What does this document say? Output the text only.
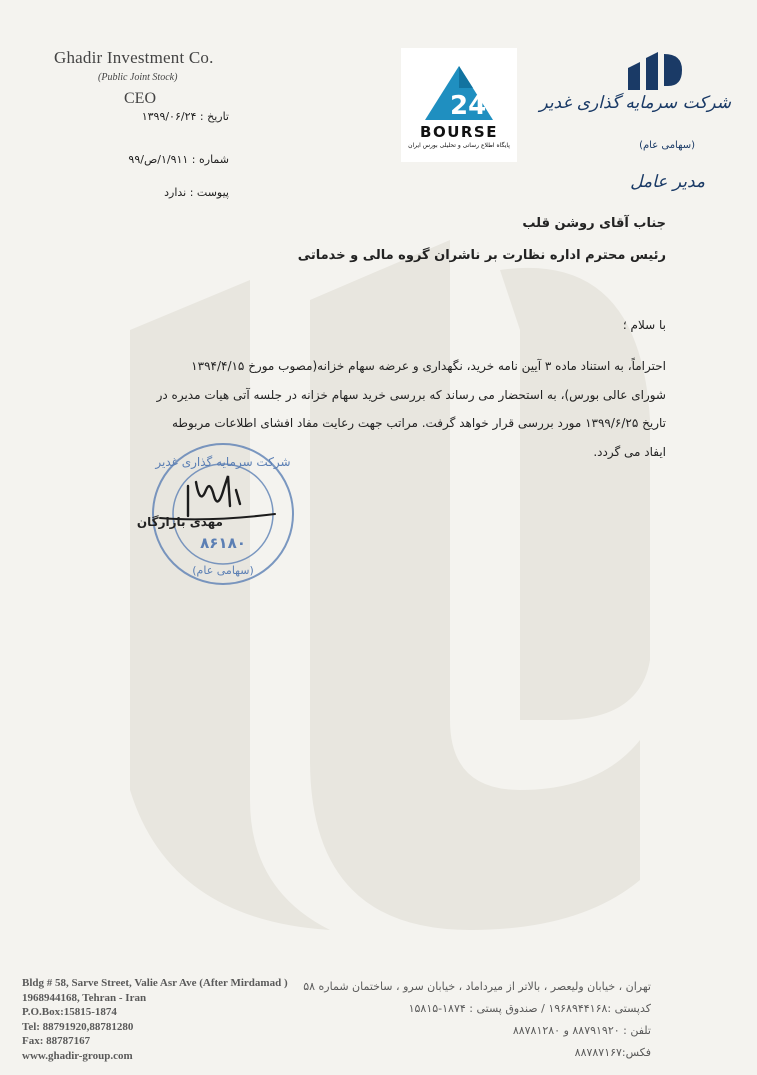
Ghadir Investment Co.
(Public Joint Stock)
CEO
تاریخ : ۱۳۹۹/۰۶/۲۴
شماره : ۱/۹۱۱/ص/۹۹
پیوست : ندارد
24
BOURSE
پایگاه اطلاع رسانی و تحلیلی بورس ایران
شرکت سرمایه گذاری غدیر
(سهامی عام)
مدیر عامل
جناب آقای روشن قلب
رئیس محترم اداره نظارت بر ناشران گروه مالی و خدماتی
با سلام ؛
احتراماً، به استناد ماده ۳ آیین نامه خرید، نگهداری و عرضه سهام خزانه(مصوب مورخ ۱۳۹۴/۴/۱۵
شورای عالی بورس)، به استحضار می رساند که بررسی خرید سهام خزانه در جلسه آتی هیات مدیره در
تاریخ ۱۳۹۹/۶/۲۵ مورد بررسی قرار خواهد گرفت. مراتب جهت رعایت مفاد افشای اطلاعات مربوطه
ایفاد می گردد.
شرکت سرمایه گذاری غدیر
۸۶۱۸۰
(سهامی عام)
مهدی بازارگان
Bldg # 58, Sarve Street, Valie Asr Ave (After Mirdamad )
1968944168, Tehran - Iran
P.O.Box:15815-1874
Tel: 88791920,88781280
Fax: 88787167
www.ghadir-group.com
تهران ، خیابان ولیعصر ، بالاتر از میرداماد ، خیابان سرو ، ساختمان شماره ۵۸
کدپستی :۱۹۶۸۹۴۴۱۶۸ / صندوق پستی : ۱۸۷۴-۱۵۸۱۵
تلفن : ۸۸۷۹۱۹۲۰ و ۸۸۷۸۱۲۸۰
فکس:۸۸۷۸۷۱۶۷
